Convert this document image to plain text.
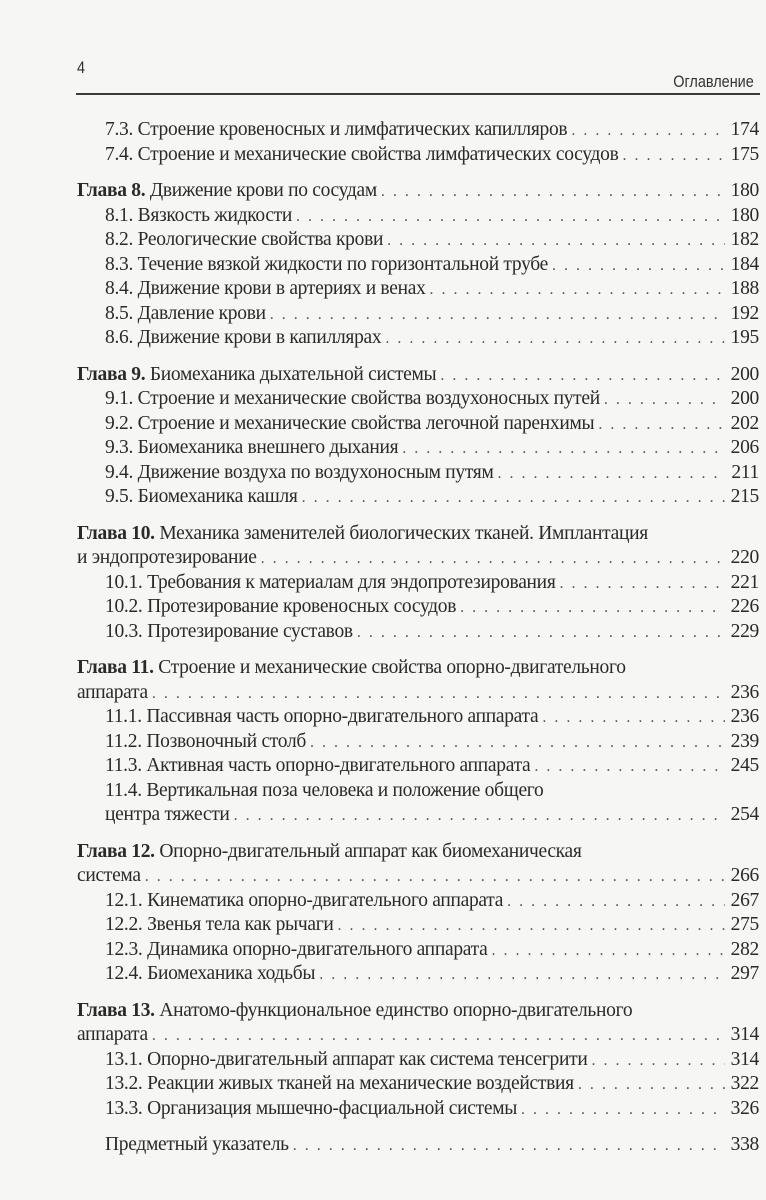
4
Оглавление
7.3. Строение кровеносных и лимфатических капилляров . . .	174
7.4. Строение и механические свойства лимфатических сосудов . . .	175
Глава 8. Движение крови по сосудам . . .	180
8.1. Вязкость жидкости . . .	180
8.2. Реологические свойства крови . . .	182
8.3. Течение вязкой жидкости по горизонтальной трубе . . .	184
8.4. Движение крови в артериях и венах . . .	188
8.5. Давление крови . . .	192
8.6. Движение крови в капиллярах . . .	195
Глава 9. Биомеханика дыхательной системы . . .	200
9.1. Строение и механические свойства воздухоносных путей . . .	200
9.2. Строение и механические свойства легочной паренхимы . . .	202
9.3. Биомеханика внешнего дыхания . . .	206
9.4. Движение воздуха по воздухоносным путям . . .	211
9.5. Биомеханика кашля . . .	215
Глава 10. Механика заменителей биологических тканей. Имплантация
и эндопротезирование . . .	220
10.1. Требования к материалам для эндопротезирования . . .	221
10.2. Протезирование кровеносных сосудов . . .	226
10.3. Протезирование суставов . . .	229
Глава 11. Строение и механические свойства опорно-двигательного
аппарата . . .	236
11.1. Пассивная часть опорно-двигательного аппарата . . .	236
11.2. Позвоночный столб . . .	239
11.3. Активная часть опорно-двигательного аппарата . . .	245
11.4. Вертикальная поза человека и положение общего
центра тяжести . . .	254
Глава 12. Опорно-двигательный аппарат как биомеханическая
система . . .	266
12.1. Кинематика опорно-двигательного аппарата . . .	267
12.2. Звенья тела как рычаги . . .	275
12.3. Динамика опорно-двигательного аппарата . . .	282
12.4. Биомеханика ходьбы . . .	297
Глава 13. Анатомо-функциональное единство опорно-двигательного
аппарата . . .	314
13.1. Опорно-двигательный аппарат как система тенсегрити . . .	314
13.2. Реакции живых тканей на механические воздействия . . .	322
13.3. Организация мышечно-фасциальной системы . . .	326
Предметный указатель . . .	338
